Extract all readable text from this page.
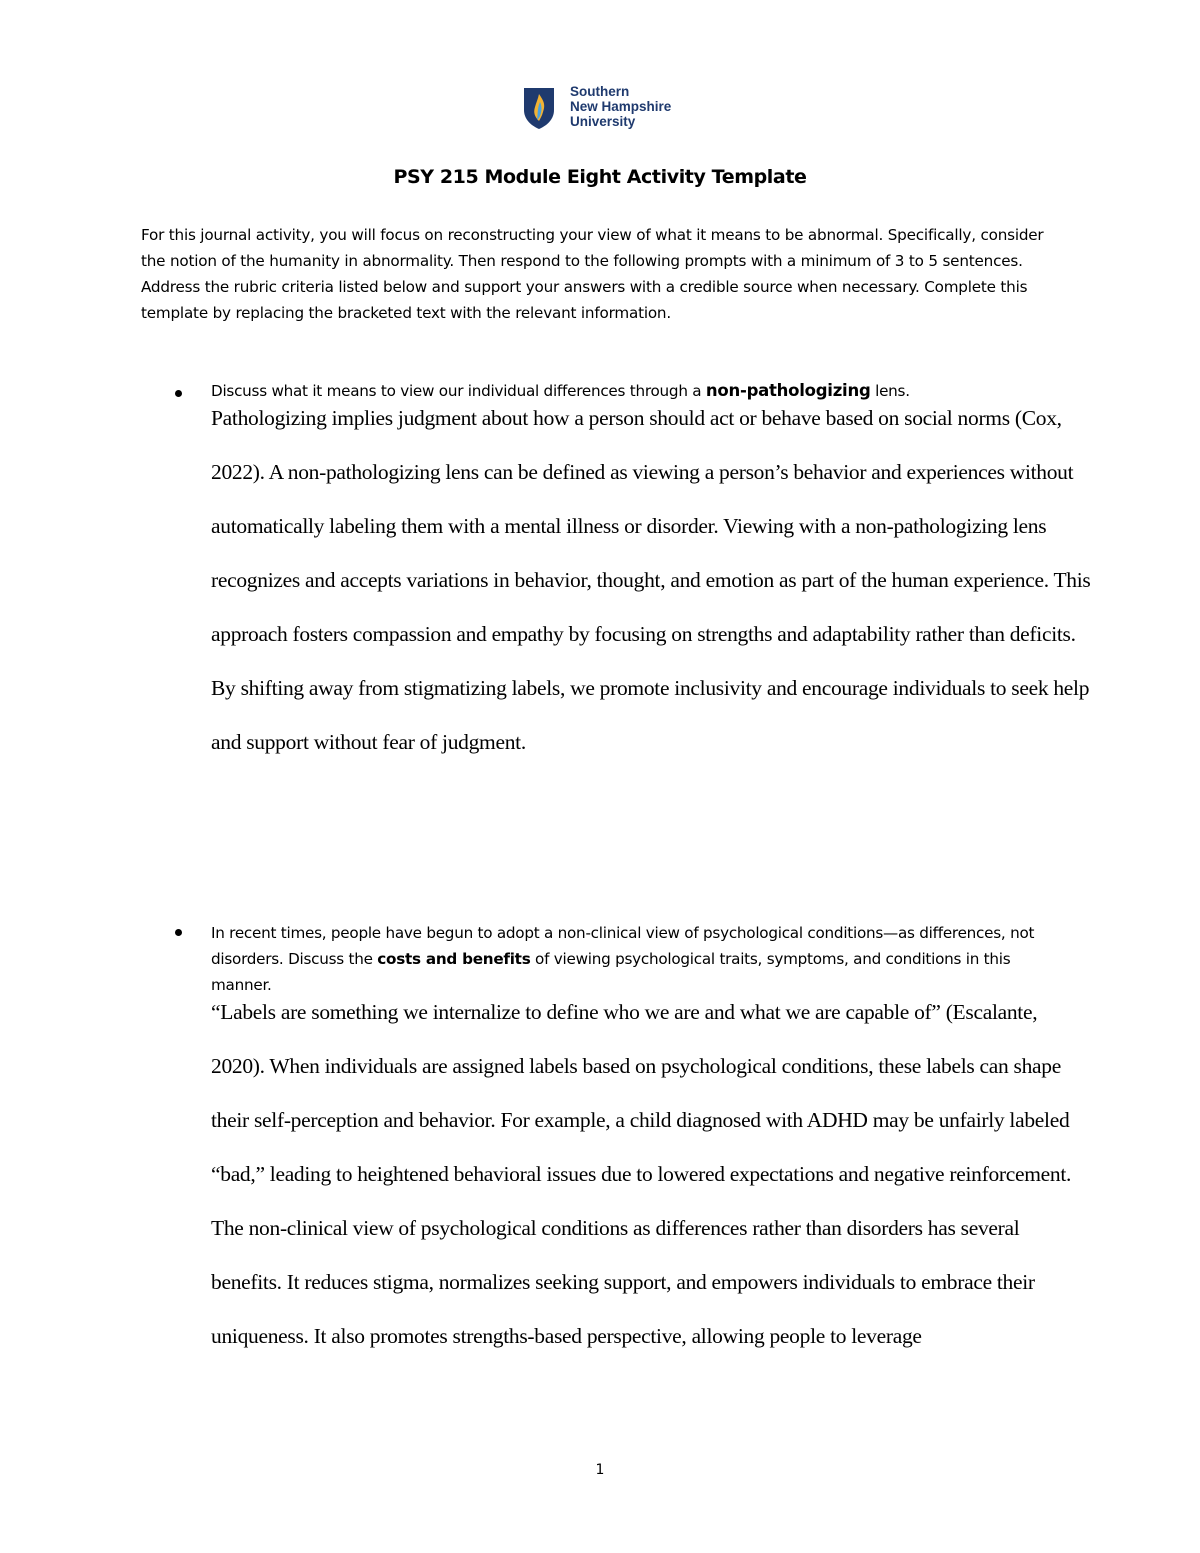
Southern
New Hampshire
University
PSY 215 Module Eight Activity Template

For this journal activity, you will focus on reconstructing your view of what it means to be abnormal. Specifically, consider the notion of the humanity in abnormality. Then respond to the following prompts with a minimum of 3 to 5 sentences. Address the rubric criteria listed below and support your answers with a credible source when necessary. Complete this template by replacing the bracketed text with the relevant information.

Discuss what it means to view our individual differences through a non-pathologizing lens.

Pathologizing implies judgment about how a person should act or behave based on social norms (Cox, 2022). A non-pathologizing lens can be defined as viewing a person’s behavior and experiences without automatically labeling them with a mental illness or disorder. Viewing with a non-pathologizing lens recognizes and accepts variations in behavior, thought, and emotion as part of the human experience. This approach fosters compassion and empathy by focusing on strengths and adaptability rather than deficits. By shifting away from stigmatizing labels, we promote inclusivity and encourage individuals to seek help and support without fear of judgment.

In recent times, people have begun to adopt a non-clinical view of psychological conditions—as differences, not disorders. Discuss the costs and benefits of viewing psychological traits, symptoms, and conditions in this manner.

“Labels are something we internalize to define who we are and what we are capable of” (Escalante, 2020). When individuals are assigned labels based on psychological conditions, these labels can shape their self-perception and behavior. For example, a child diagnosed with ADHD may be unfairly labeled “bad,” leading to heightened behavioral issues due to lowered expectations and negative reinforcement. The non-clinical view of psychological conditions as differences rather than disorders has several benefits. It reduces stigma, normalizes seeking support, and empowers individuals to embrace their uniqueness. It also promotes strengths-based perspective, allowing people to leverage

1
